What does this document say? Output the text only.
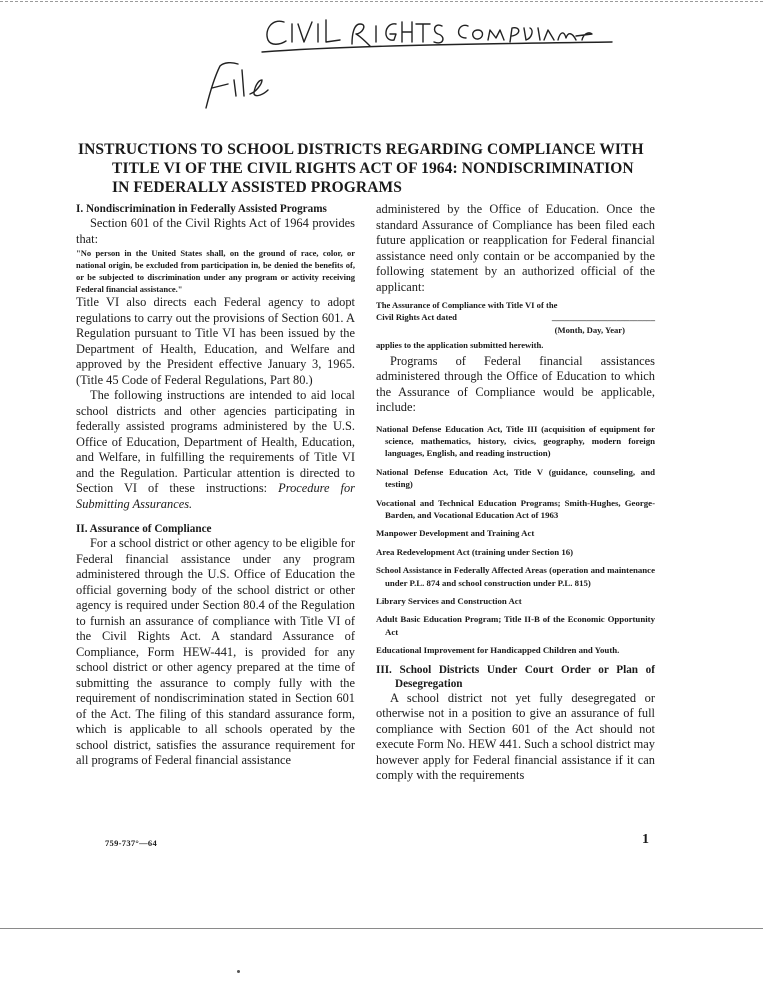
INSTRUCTIONS TO SCHOOL DISTRICTS REGARDING COMPLIANCE WITH
TITLE VI OF THE CIVIL RIGHTS ACT OF 1964: NONDISCRIMINATION
IN FEDERALLY ASSISTED PROGRAMS

I. Nondiscrimination in Federally Assisted Programs

Section 601 of the Civil Rights Act of 1964 provides that:

"No person in the United States shall, on the ground of race, color, or national origin, be excluded from participation in, be denied the benefits of, or be subjected to discrimination under any program or activity receiving Federal financial assistance."

Title VI also directs each Federal agency to adopt regulations to carry out the provisions of Section 601. A Regulation pursuant to Title VI has been issued by the Department of Health, Education, and Welfare and approved by the President effective January 3, 1965. (Title 45 Code of Federal Regulations, Part 80.)

The following instructions are intended to aid local school districts and other agencies participating in federally assisted programs administered by the U.S. Office of Education, Department of Health, Education, and Welfare, in fulfilling the requirements of Title VI and the Regulation. Particular attention is directed to Section VI of these instructions: Procedure for Submitting Assurances.

II. Assurance of Compliance

For a school district or other agency to be eligible for Federal financial assistance under any program administered through the U.S. Office of Education the official governing body of the school district or other agency is required under Section 80.4 of the Regulation to furnish an assurance of compliance with Title VI of the Civil Rights Act. A standard Assurance of Compliance, Form HEW-441, is provided for any school district or other agency prepared at the time of submitting the assurance to comply fully with the requirement of nondiscrimination stated in Section 601 of the Act. The filing of this standard assurance form, which is applicable to all schools operated by the school district, satisfies the assurance requirement for all programs of Federal financial assistance

administered by the Office of Education. Once the standard Assurance of Compliance has been filed each future application or reapplication for Federal financial assistance need only contain or be accompanied by the following statement by an authorized official of the applicant:

The Assurance of Compliance with Title VI of the
Civil Rights Act dated	________________________
(Month, Day, Year)

applies to the application submitted herewith.

Programs of Federal financial assistances administered through the Office of Education to which the Assurance of Compliance would be applicable, include:

National Defense Education Act, Title III (acquisition of equipment for science, mathematics, history, civics, geography, modern foreign languages, English, and reading instruction)
National Defense Education Act, Title V (guidance, counseling, and testing)
Vocational and Technical Education Programs; Smith-Hughes, George-Barden, and Vocational Education Act of 1963
Manpower Development and Training Act
Area Redevelopment Act (training under Section 16)
School Assistance in Federally Affected Areas (operation and maintenance under P.L. 874 and school construction under P.L. 815)
Library Services and Construction Act
Adult Basic Education Program; Title II-B of the Economic Opportunity Act
Educational Improvement for Handicapped Children and Youth.

III. School Districts Under Court Order or Plan of Desegregation

A school district not yet fully desegregated or otherwise not in a position to give an assurance of full compliance with Section 601 of the Act should not execute Form No. HEW 441. Such a school district may however apply for Federal financial assistance if it can comply with the requirements

759-737°—64	1
